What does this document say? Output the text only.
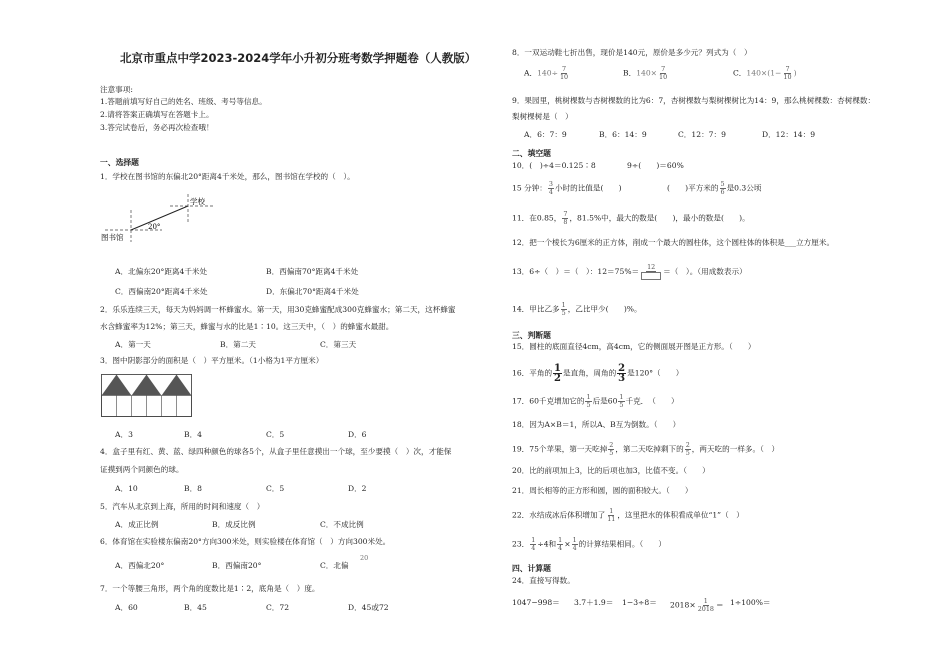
北京市重点中学2023-2024学年小升初分班考数学押题卷（人教版）
注意事项:
1.答题前填写好自己的姓名、班级、考号等信息。
2.请将答案正确填写在答题卡上。
3.答完试卷后，务必再次检查哦！
一、选择题
1．学校在图书馆的东偏北20°距离4千米处，那么，图书馆在学校的（　）。
学校
图书馆
20°
A．北偏东20°距离4千米处	B．西偏南70°距离4千米处
C．西偏南20°距离4千米处	D．东偏北70°距离4千米处
2．乐乐连续三天，每天为妈妈调一杯蜂蜜水。第一天，用30克蜂蜜配成300克蜂蜜水；第二天，这杯蜂蜜
水含蜂蜜率为12%；第三天，蜂蜜与水的比是1∶10。这三天中，（　）的蜂蜜水最甜。
A．第一天	B．第二天	C．第三天
3．图中阴影部分的面积是（　）平方厘米。（1小格为1平方厘米）
A．3	B．4	C．5	D．6
4．盒子里有红、黄、蓝、绿四种颜色的球各5个，从盒子里任意摸出一个球，至少要摸（　）次，才能保
证摸到两个同颜色的球。
A．10	B．8	C．5	D．2
5．汽车从北京到上海，所用的时间和速度（　）
A．成正比例	B．成反比例	C．不成比例
6．体育馆在实验楼东偏南20°方向300米处，则实验楼在体育馆（　）方向300米处。
20
A．西偏北20°	B．西偏南20°	C．北偏
7．一个等腰三角形，两个角的度数比是1∶2，底角是（　）度。
A．60	B．45	C．72	D．45或72
8．一双运动鞋七折出售，现价是140元，原价是多少元？列式为（　）
A．$140\div \frac{7}{10}$	B．$140\times \frac{7}{10}$	C．$140\times(1- \frac{7}{10}$ )
9．果园里，桃树棵数与杏树棵数的比为6：7，杏树棵数与梨树棵树比为14：9，那么桃树棵数：杏树棵数：
梨树棵树是（　）
A．6：7：9	B．6：14：9	C．12：7：9	D．12：14：9
二、填空题
10．(　)÷4＝0.125∶8	9÷(　　)＝60%
15 分钟： $\frac{3}{4}$ 小时的比值是(　　)	(　　)平方米的 $\frac{5}{6}$ 是0.3公顷
11．在0.85， $\frac{7}{8}$ ，81.5%中，最大的数是(　　)，最小的数是(　　)。
12．把一个棱长为6厘米的正方体，削成一个最大的圆柱体，这个圆柱体的体积是___立方厘米。
13．6÷（　）＝（　）：12＝75%＝ 12 ＝（　）。（用成数表示）
14．甲比乙多 $\frac{1}{5}$ ，乙比甲少(　　)%。
三、判断题
15．圆柱的底面直径4cm，高4cm，它的侧面展开图是正方形。（　　）
16．平角的 $\frac{1}{2}$ 是直角，周角的 $\frac{2}{3}$ 是120°（　　）
17．60千克增加它的 $\frac{1}{5}$ 后是$60 \frac{1}{5}$ 千克．　（　　）
18．因为A×B＝1，所以A、B互为倒数。（　　）
19．75个苹果，第一天吃掉 $\frac{2}{5}$ ，第二天吃掉剩下的 $\frac{2}{5}$ ，两天吃的一样多。（　）
20．比的前项加上3，比的后项也加3，比值不变。（　　）
21．周长相等的正方形和圆，圆的面积较大。（　　）
22．水结成冰后体积增加了 $\frac{1}{11}$ ，这里把水的体积看成单位“1”（　）
23． $\frac{1}{4} \div 4$和 $\frac{1}{4} \times \frac{1}{4}$ 的计算结果相同。（　　）
四、计算题
24．直接写得数。
$1047-998= 3.7+1.9= 1-3\div 8= 2018\times \frac{1}{2018} = 1\div 100\%=$
